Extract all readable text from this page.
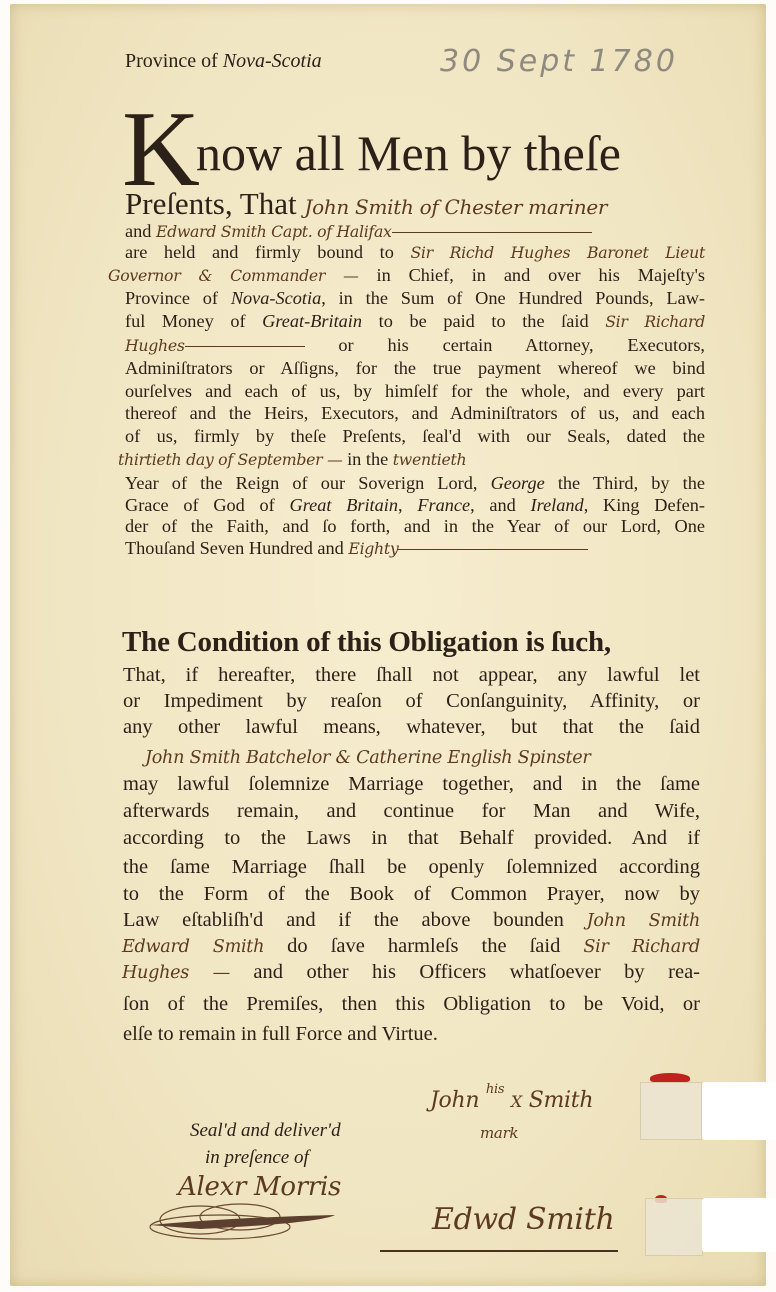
Province of Nova-Scotia	30 Sept 1780
Know all Men by theſe
Preſents, That John Smith of Chester mariner
and Edward Smith Capt. of Halifax
are held and firmly bound to Sir Richd Hughes Baronet Lieut
Governor & Commander — in Chief, in and over his Majeſty's
Province of Nova-Scotia, in the Sum of One Hundred Pounds, Law-
ful Money of Great-Britain to be paid to the ſaid Sir Richard
Hughes	or his certain Attorney, Executors,
Adminiſtrators or Aſſigns, for the true payment whereof we bind
ourſelves and each of us, by himſelf for the whole, and every part
thereof and the Heirs, Executors, and Adminiſtrators of us, and each
of us, firmly by theſe Preſents, ſeal'd with our Seals, dated the
thirtieth day of September — in the twentieth
Year of the Reign of our Soverign Lord, George the Third, by the
Grace of God of Great Britain, France, and Ireland, King Defen-
der of the Faith, and ſo forth, and in the Year of our Lord, One
Thouſand Seven Hundred and Eighty
The Condition of this Obligation is ſuch,
That, if hereafter, there ſhall not appear, any lawful let
or Impediment by reaſon of Conſanguinity, Affinity, or
any other lawful means, whatever, but that the ſaid
John Smith Batchelor & Catherine English Spinster
may lawful ſolemnize Marriage together, and in the ſame
afterwards remain, and continue for Man and Wife,
according to the Laws in that Behalf provided. And if
the ſame Marriage ſhall be openly ſolemnized according
to the Form of the Book of Common Prayer, now by
Law eſtabliſh'd and if the above bounden John Smith
Edward Smith do ſave harmleſs the ſaid Sir Richard
Hughes — and other his Officers whatſoever by rea-
ſon of the Premiſes, then this Obligation to be Void, or
elſe to remain in full Force and Virtue.
Seal'd and deliver'd
in preſence of
Alexr Morris
John $^{his}$ X Smith
mark
Edwd Smith
